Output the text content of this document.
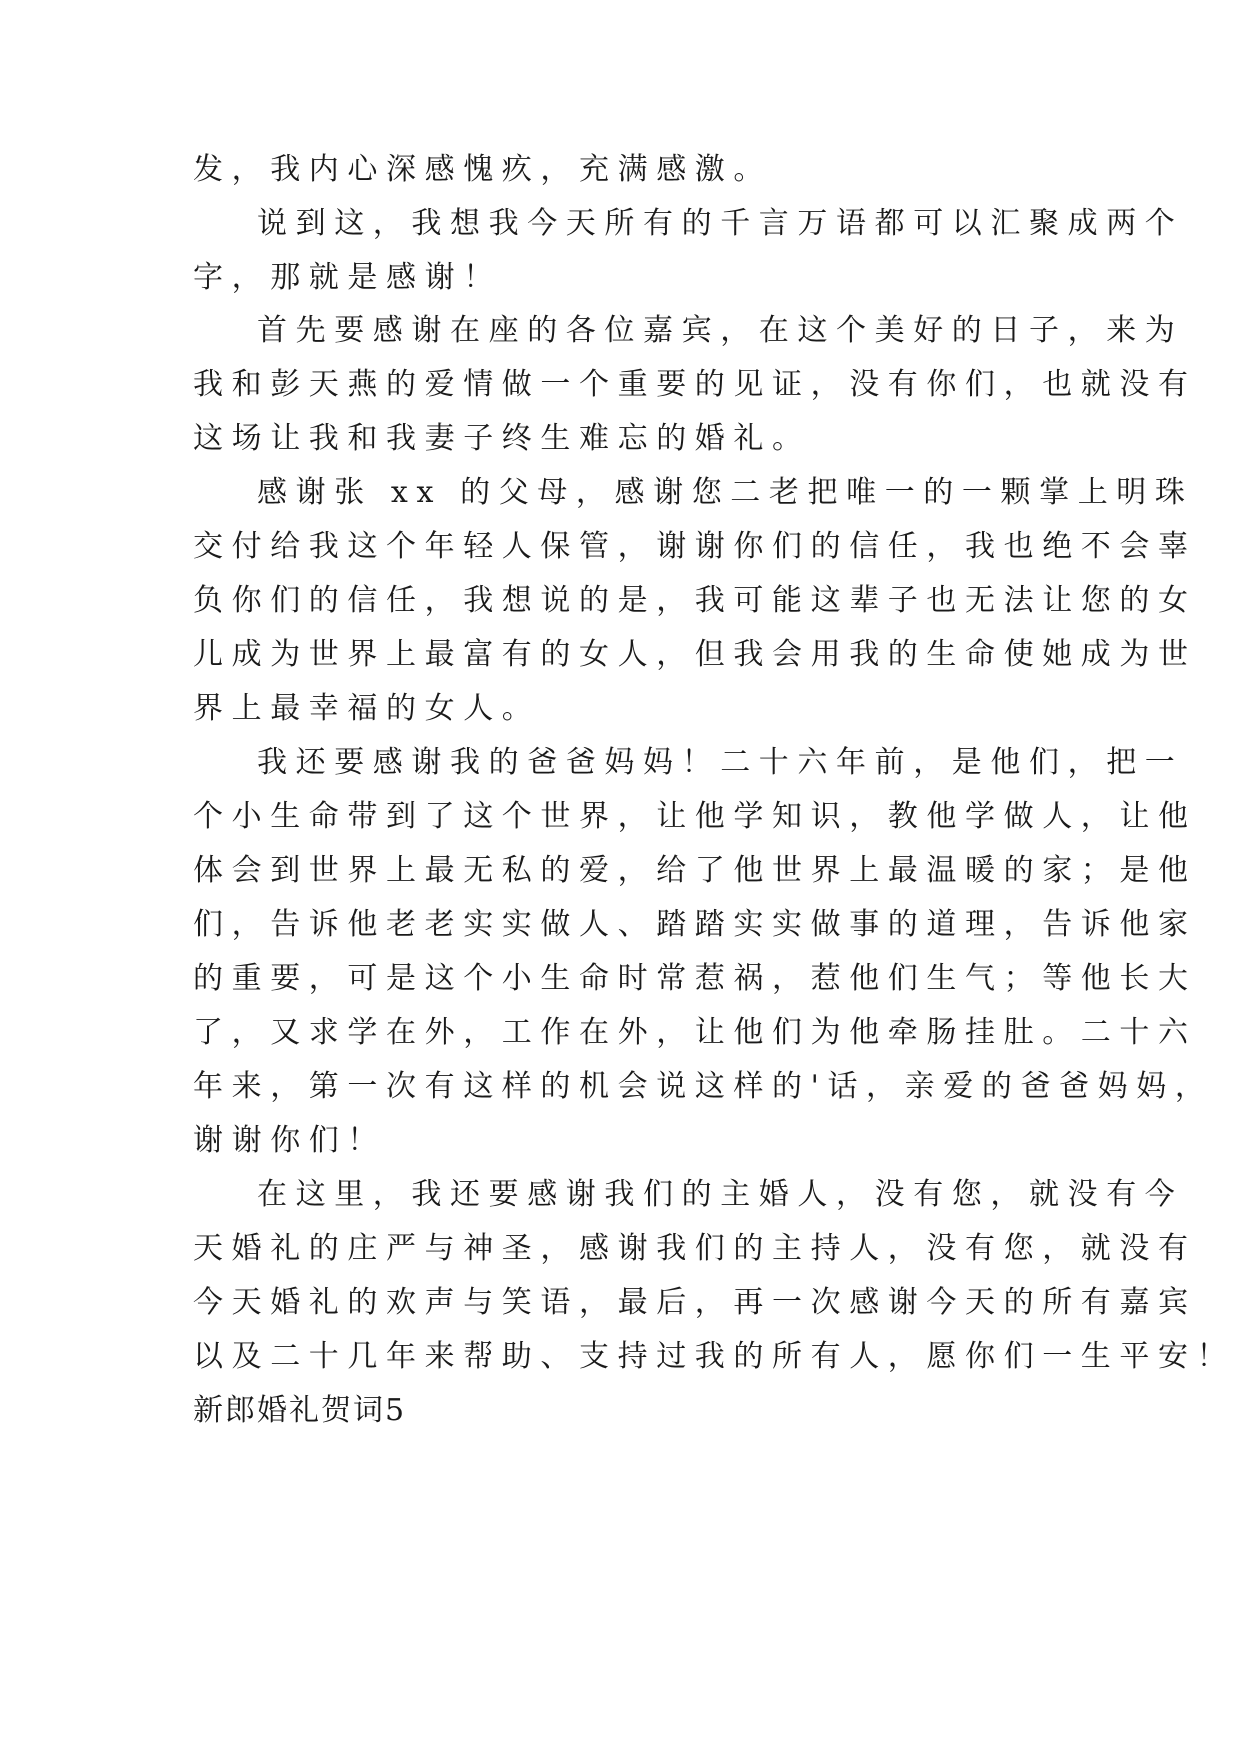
发，我内心深感愧疚，充满感激。
说到这，我想我今天所有的千言万语都可以汇聚成两个
字，那就是感谢！
首先要感谢在座的各位嘉宾，在这个美好的日子，来为
我和彭天燕的爱情做一个重要的见证，没有你们，也就没有
这场让我和我妻子终生难忘的婚礼。
感谢张 xx 的父母，感谢您二老把唯一的一颗掌上明珠
交付给我这个年轻人保管，谢谢你们的信任，我也绝不会辜
负你们的信任，我想说的是，我可能这辈子也无法让您的女
儿成为世界上最富有的女人，但我会用我的生命使她成为世
界上最幸福的女人。
我还要感谢我的爸爸妈妈！二十六年前，是他们，把一
个小生命带到了这个世界，让他学知识，教他学做人，让他
体会到世界上最无私的爱，给了他世界上最温暖的家；是他
们，告诉他老老实实做人、踏踏实实做事的道理，告诉他家
的重要，可是这个小生命时常惹祸，惹他们生气；等他长大
了，又求学在外，工作在外，让他们为他牵肠挂肚。二十六
年来，第一次有这样的机会说这样的'话，亲爱的爸爸妈妈，
谢谢你们！
在这里，我还要感谢我们的主婚人，没有您，就没有今
天婚礼的庄严与神圣，感谢我们的主持人，没有您，就没有
今天婚礼的欢声与笑语，最后，再一次感谢今天的所有嘉宾
以及二十几年来帮助、支持过我的所有人，愿你们一生平安！
新郎婚礼贺词5
